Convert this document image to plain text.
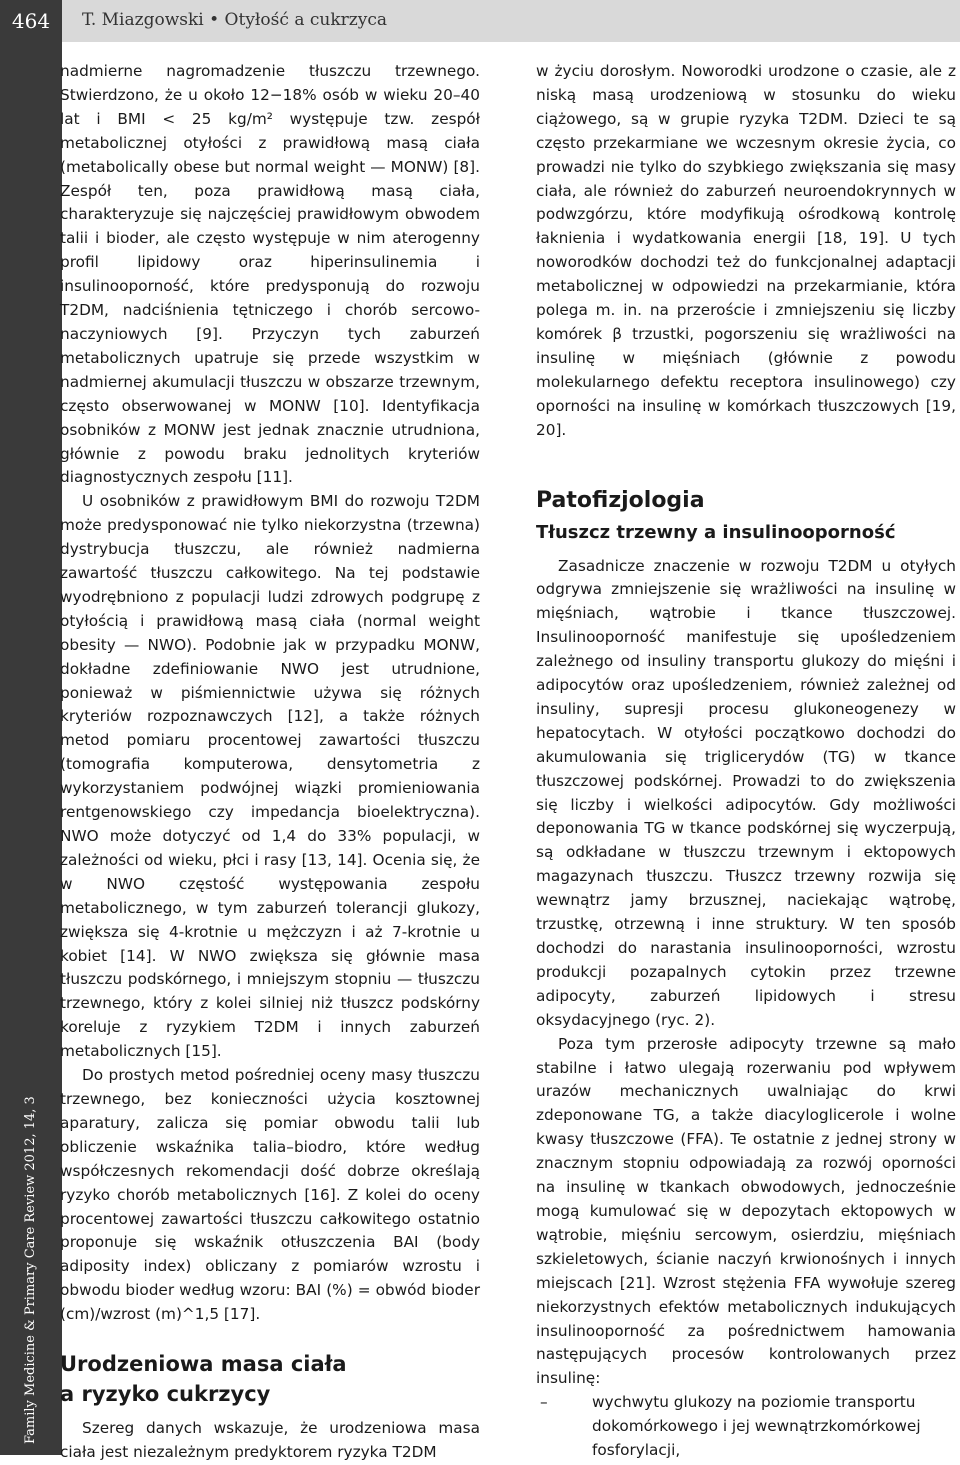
464	T. Miazgowski • Otyłość a cukrzyca
Family Medicine & Primary Care Review 2012, 14, 3

nadmierne nagromadzenie tłuszczu trzewnego. Stwierdzono, że u około 12−18% osób w wieku 20–40 lat i BMI < 25 kg/m² występuje tzw. zespół metabolicznej otyłości z prawidłową masą ciała (metabolically obese but normal weight — MONW) [8]. Zespół ten, poza prawidłową masą ciała, charakteryzuje się najczęściej prawidłowym obwodem talii i bioder, ale często występuje w nim aterogenny profil lipidowy oraz hiperinsulinemia i insulinooporność, które predysponują do rozwoju T2DM, nadciśnienia tętniczego i chorób sercowo-naczyniowych [9]. Przyczyn tych zaburzeń metabolicznych upatruje się przede wszystkim w nadmiernej akumulacji tłuszczu w obszarze trzewnym, często obserwowanej w MONW [10]. Identyfikacja osobników z MONW jest jednak znacznie utrudniona, głównie z powodu braku jednolitych kryteriów diagnostycznych zespołu [11].

U osobników z prawidłowym BMI do rozwoju T2DM może predysponować nie tylko niekorzystna (trzewna) dystrybucja tłuszczu, ale również nadmierna zawartość tłuszczu całkowitego. Na tej podstawie wyodrębniono z populacji ludzi zdrowych podgrupę z otyłością i prawidłową masą ciała (normal weight obesity — NWO). Podobnie jak w przypadku MONW, dokładne zdefiniowanie NWO jest utrudnione, ponieważ w piśmiennictwie używa się różnych kryteriów rozpoznawczych [12], a także różnych metod pomiaru procentowej zawartości tłuszczu (tomografia komputerowa, densytometria z wykorzystaniem podwójnej wiązki promieniowania rentgenowskiego czy impedancja bioelektryczna). NWO może dotyczyć od 1,4 do 33% populacji, w zależności od wieku, płci i rasy [13, 14]. Ocenia się, że w NWO częstość występowania zespołu metabolicznego, w tym zaburzeń tolerancji glukozy, zwiększa się 4-krotnie u mężczyzn i aż 7-krotnie u kobiet [14]. W NWO zwiększa się głównie masa tłuszczu podskórnego, i mniejszym stopniu — tłuszczu trzewnego, który z kolei silniej niż tłuszcz podskórny koreluje z ryzykiem T2DM i innych zaburzeń metabolicznych [15].

Do prostych metod pośredniej oceny masy tłuszczu trzewnego, bez konieczności użycia kosztownej aparatury, zalicza się pomiar obwodu talii lub obliczenie wskaźnika talia–biodro, które według współczesnych rekomendacji dość dobrze określają ryzyko chorób metabolicznych [16]. Z kolei do oceny procentowej zawartości tłuszczu całkowitego ostatnio proponuje się wskaźnik otłuszczenia BAI (body adiposity index) obliczany z pomiarów wzrostu i obwodu bioder według wzoru: BAI (%) = obwód bioder (cm)/wzrost (m)^1,5 [17].

Urodzeniowa masa ciała
a ryzyko cukrzycy

Szereg danych wskazuje, że urodzeniowa masa ciała jest niezależnym predyktorem ryzyka T2DM

w życiu dorosłym. Noworodki urodzone o czasie, ale z niską masą urodzeniową w stosunku do wieku ciążowego, są w grupie ryzyka T2DM. Dzieci te są często przekarmiane we wczesnym okresie życia, co prowadzi nie tylko do szybkiego zwiększania się masy ciała, ale również do zaburzeń neuroendokrynnych w podwzgórzu, które modyfikują ośrodkową kontrolę łaknienia i wydatkowania energii [18, 19]. U tych noworodków dochodzi też do funkcjonalnej adaptacji metabolicznej w odpowiedzi na przekarmianie, która polega m. in. na przeroście i zmniejszeniu się liczby komórek β trzustki, pogorszeniu się wrażliwości na insulinę w mięśniach (głównie z powodu molekularnego defektu receptora insulinowego) czy oporności na insulinę w komórkach tłuszczowych [19, 20].

Patofizjologia
Tłuszcz trzewny a insulinooporność

Zasadnicze znaczenie w rozwoju T2DM u otyłych odgrywa zmniejszenie się wrażliwości na insulinę w mięśniach, wątrobie i tkance tłuszczowej. Insulinooporność manifestuje się upośledzeniem zależnego od insuliny transportu glukozy do mięśni i adipocytów oraz upośledzeniem, również zależnej od insuliny, supresji procesu glukoneogenezy w hepatocytach. W otyłości początkowo dochodzi do akumulowania się triglicerydów (TG) w tkance tłuszczowej podskórnej. Prowadzi to do zwiększenia się liczby i wielkości adipocytów. Gdy możliwości deponowania TG w tkance podskórnej się wyczerpują, są odkładane w tłuszczu trzewnym i ektopowych magazynach tłuszczu. Tłuszcz trzewny rozwija się wewnątrz jamy brzusznej, naciekając wątrobę, trzustkę, otrzewną i inne struktury. W ten sposób dochodzi do narastania insulinooporności, wzrostu produkcji pozapalnych cytokin przez trzewne adipocyty, zaburzeń lipidowych i stresu oksydacyjnego (ryc. 2).

Poza tym przerosłe adipocyty trzewne są mało stabilne i łatwo ulegają rozerwaniu pod wpływem urazów mechanicznych uwalniając do krwi zdeponowane TG, a także diacyloglicerole i wolne kwasy tłuszczowe (FFA). Te ostatnie z jednej strony w znacznym stopniu odpowiadają za rozwój oporności na insulinę w tkankach obwodowych, jednocześnie mogą kumulować się w depozytach ektopowych w wątrobie, mięśniu sercowym, osierdziu, mięśniach szkieletowych, ścianie naczyń krwionośnych i innych miejscach [21]. Wzrost stężenia FFA wywołuje szereg niekorzystnych efektów metabolicznych indukujących insulinooporność za pośrednictwem hamowania następujących procesów kontrolowanych przez insulinę:

–	wychwytu glukozy na poziomie transportu dokomórkowego i jej wewnątrzkomórkowej fosforylacji,
